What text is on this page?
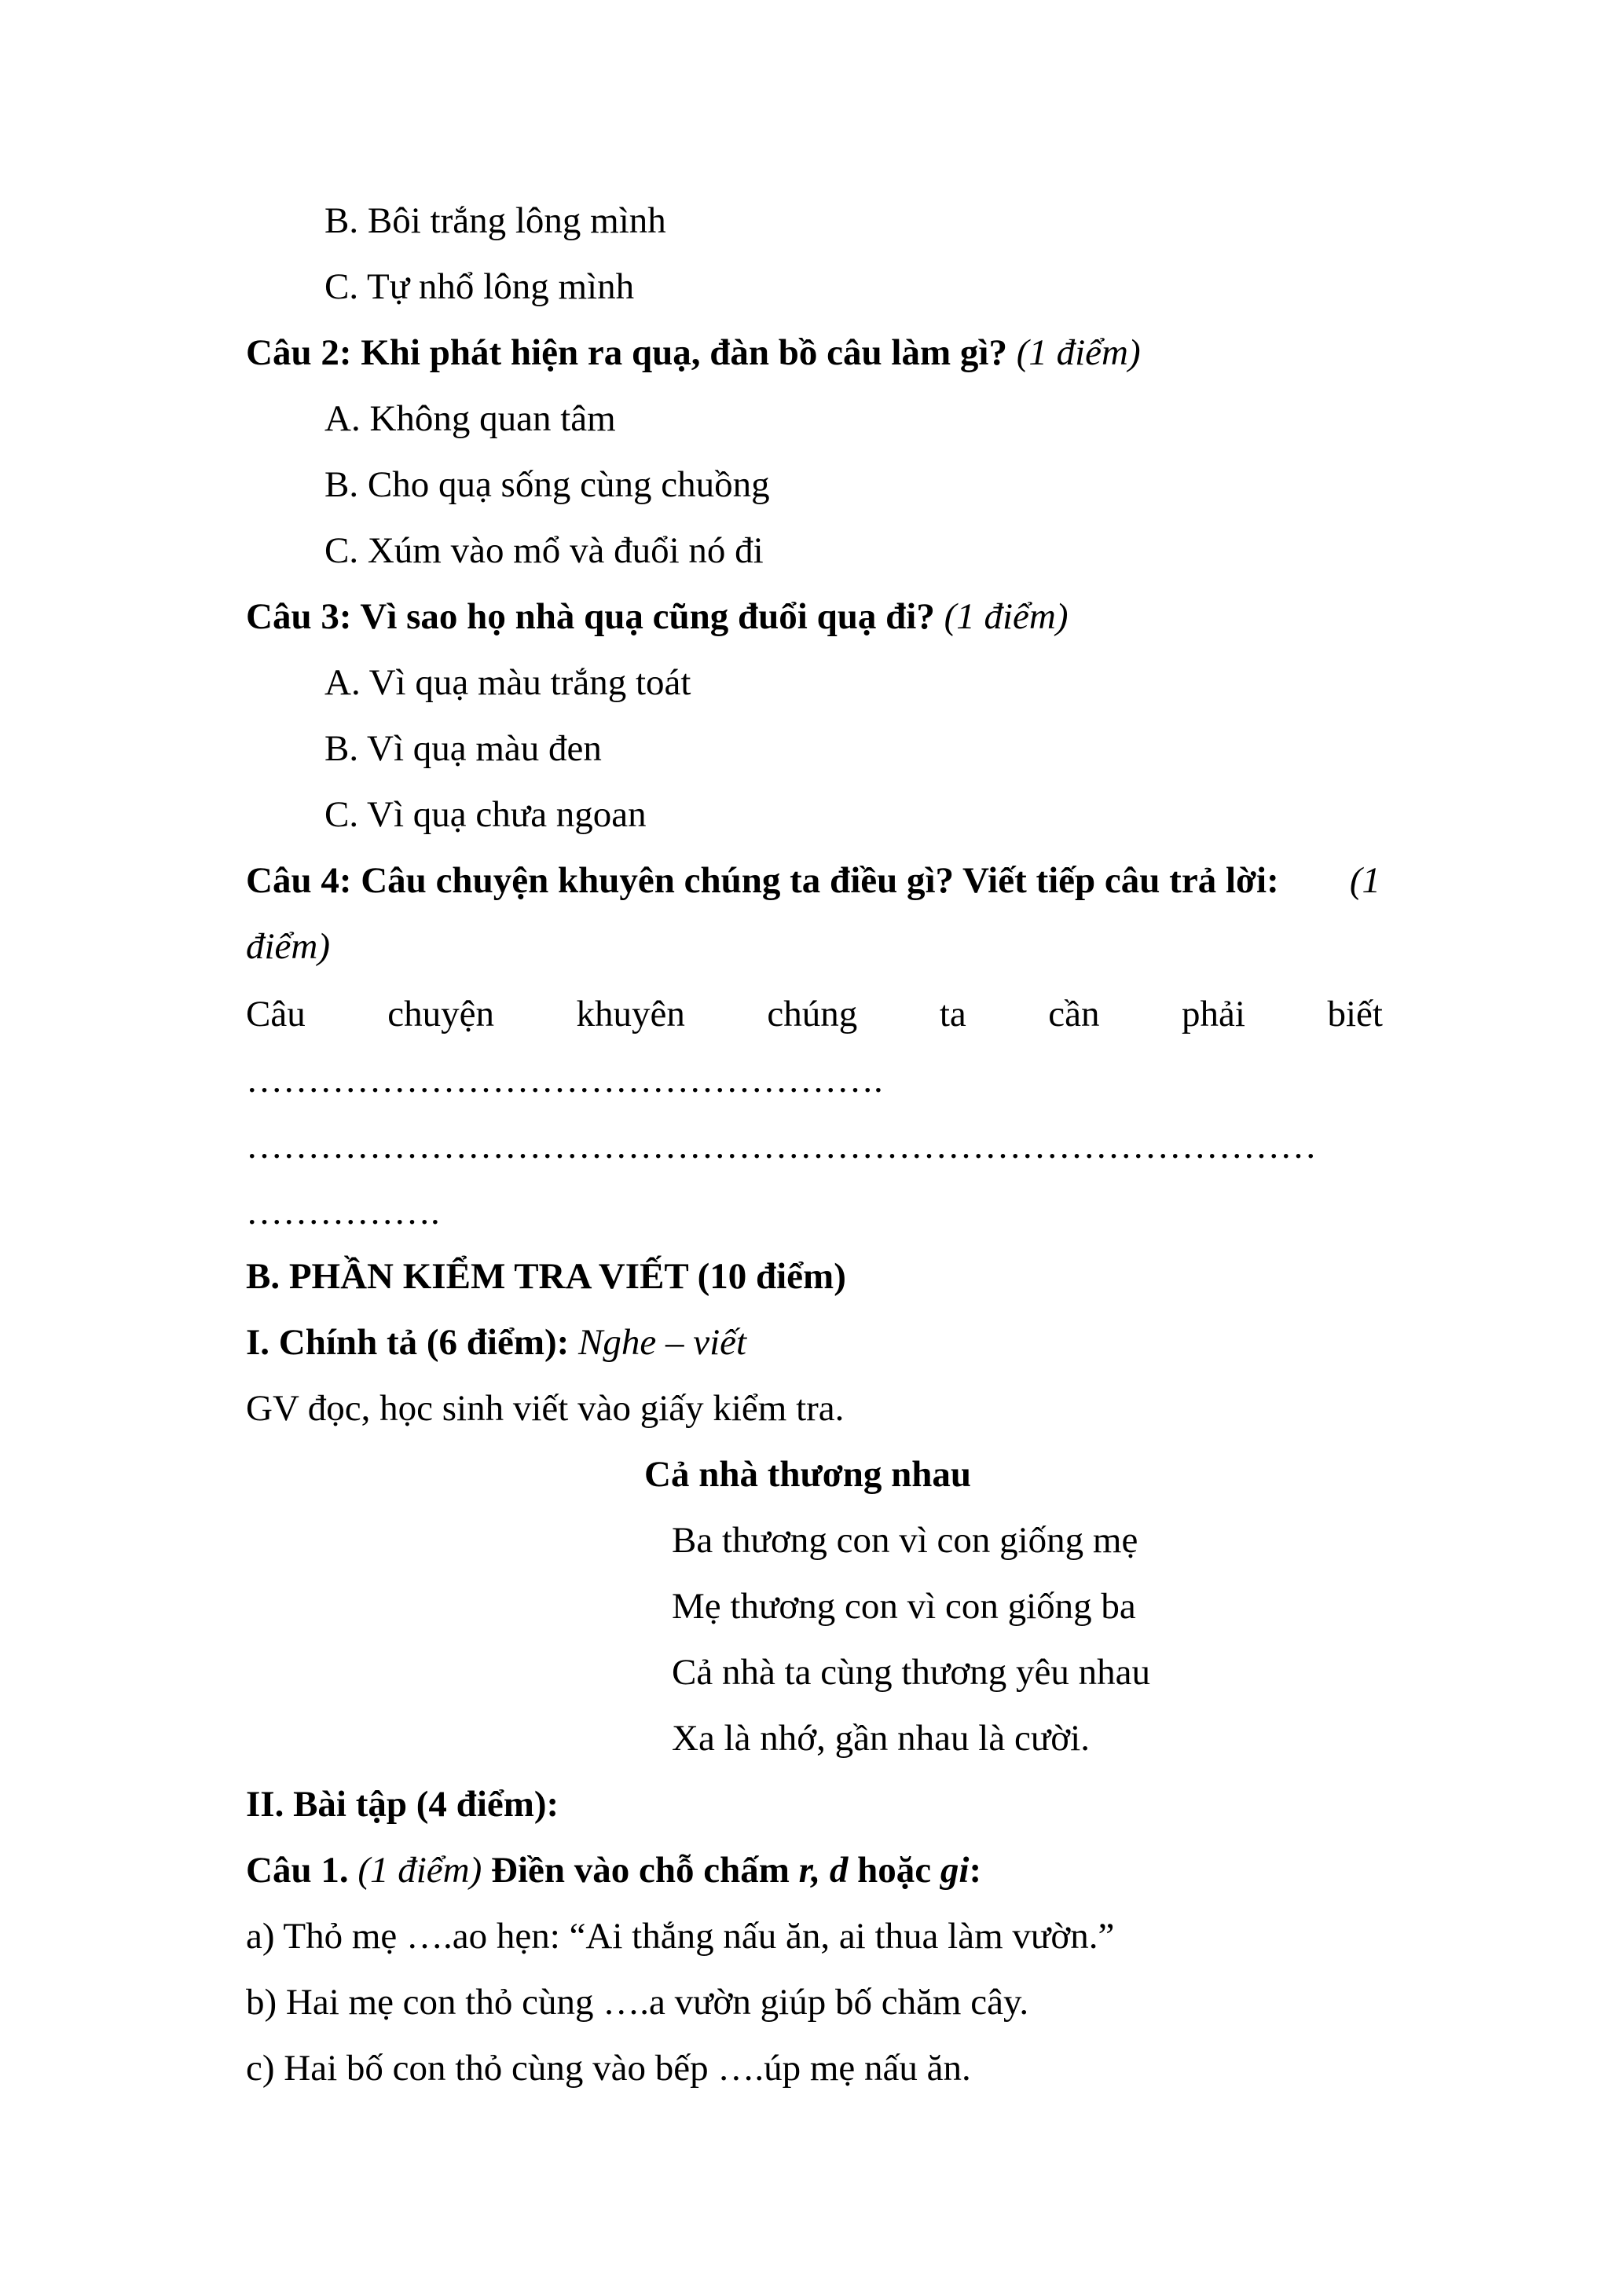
B. Bôi trắng lông mình
C. Tự nhổ lông mình
Câu 2: Khi phát hiện ra quạ, đàn bồ câu làm gì? (1 điểm)
A. Không quan tâm
B. Cho quạ sống cùng chuồng
C. Xúm vào mổ và đuổi nó đi
Câu 3: Vì sao họ nhà quạ cũng đuổi quạ đi? (1 điểm)
A. Vì quạ màu trắng toát
B. Vì quạ màu đen
C. Vì quạ chưa ngoan
Câu 4: Câu chuyện khuyên chúng ta điều gì? Viết tiếp câu trả lời: (1
điểm)
Câu chuyện khuyên chúng ta cần phải biết
…………………………………………….
……………………………………………………………………………
…………….
B. PHẦN KIỂM TRA VIẾT (10 điểm)
I. Chính tả (6 điểm): Nghe – viết
GV đọc, học sinh viết vào giấy kiểm tra.
Cả nhà thương nhau
Ba thương con vì con giống mẹ
Mẹ thương con vì con giống ba
Cả nhà ta cùng thương yêu nhau
Xa là nhớ, gần nhau là cười.
II. Bài tập (4 điểm):
Câu 1. (1 điểm) Điền vào chỗ chấm r, d hoặc gi:
a) Thỏ mẹ ….ao hẹn: “Ai thắng nấu ăn, ai thua làm vườn.”
b) Hai mẹ con thỏ cùng ….a vườn giúp bố chăm cây.
c) Hai bố con thỏ cùng vào bếp ….úp mẹ nấu ăn.
